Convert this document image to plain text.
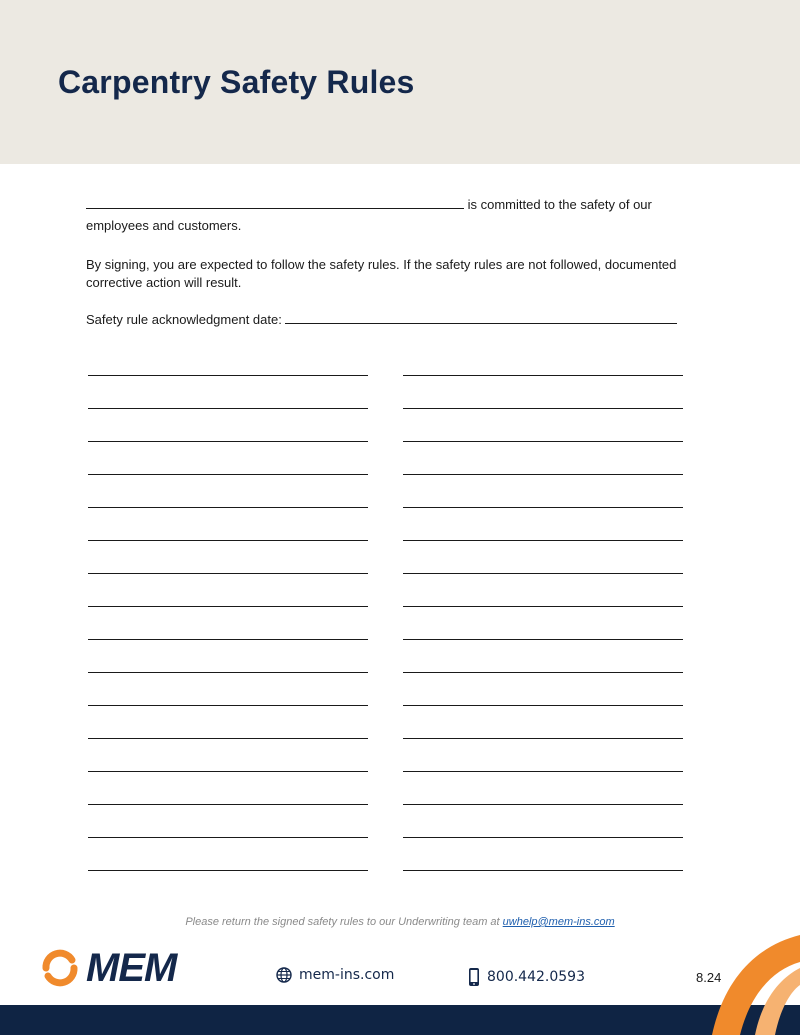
Carpentry Safety Rules
is committed to the safety of our
employees and customers.
By signing, you are expected to follow the safety rules. If the safety rules are not followed, documented corrective action will result.
Safety rule acknowledgment date:
Please return the signed safety rules to our Underwriting team at uwhelp@mem-ins.com
MEM	mem-ins.com	800.442.0593	8.24
